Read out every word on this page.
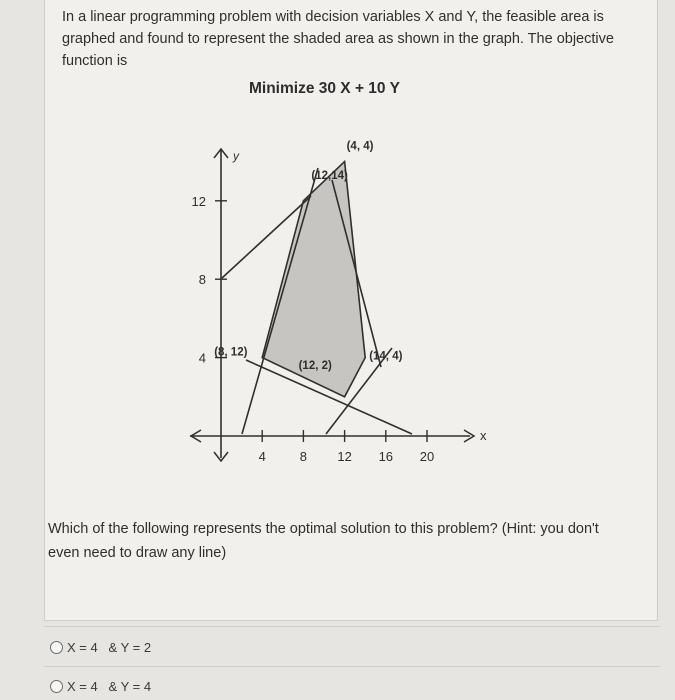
In a linear programming problem with decision variables X and Y, the feasible area is graphed and found to represent the shaded area as shown in the graph. The objective function is
Minimize 30 X + 10 Y
y
x
4	8 12 16 20
4
8
12
(8, 12)
(12,14)
(4, 4)
(14, 4)
(12, 2)
Which of the following represents the optimal solution to this problem? (Hint: you don't even need to draw any line)
X = 4   & Y = 2
X = 4   & Y = 4
